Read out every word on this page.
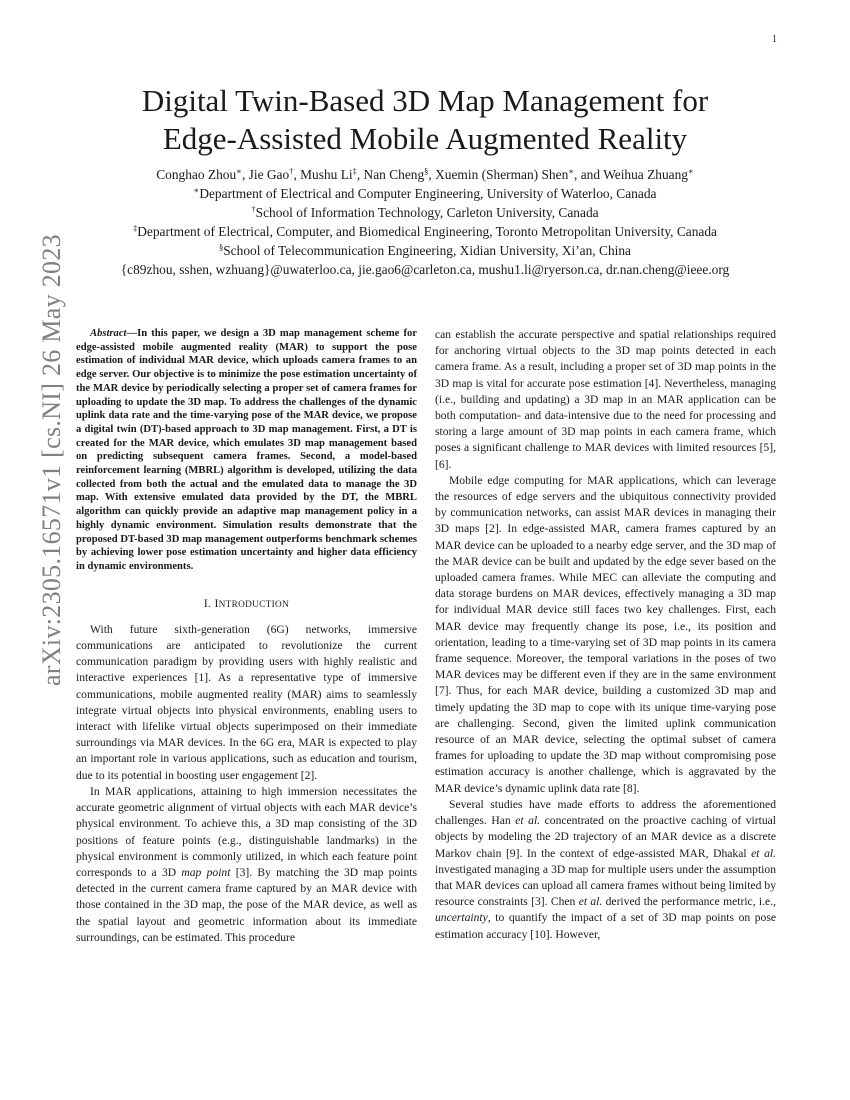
1
arXiv:2305.16571v1 [cs.NI] 26 May 2023
Digital Twin-Based 3D Map Management for
Edge-Assisted Mobile Augmented Reality
Conghao Zhou∗, Jie Gao†, Mushu Li‡, Nan Cheng§, Xuemin (Sherman) Shen∗, and Weihua Zhuang∗
∗Department of Electrical and Computer Engineering, University of Waterloo, Canada
†School of Information Technology, Carleton University, Canada
‡Department of Electrical, Computer, and Biomedical Engineering, Toronto Metropolitan University, Canada
§School of Telecommunication Engineering, Xidian University, Xi’an, China
{c89zhou, sshen, wzhuang}@uwaterloo.ca, jie.gao6@carleton.ca, mushu1.li@ryerson.ca, dr.nan.cheng@ieee.org

Abstract—In this paper, we design a 3D map management scheme for edge-assisted mobile augmented reality (MAR) to support the pose estimation of individual MAR device, which uploads camera frames to an edge server. Our objective is to minimize the pose estimation uncertainty of the MAR device by periodically selecting a proper set of camera frames for uploading to update the 3D map. To address the challenges of the dynamic uplink data rate and the time-varying pose of the MAR device, we propose a digital twin (DT)-based approach to 3D map management. First, a DT is created for the MAR device, which emulates 3D map management based on predicting subsequent camera frames. Second, a model-based reinforcement learning (MBRL) algorithm is developed, utilizing the data collected from both the actual and the emulated data to manage the 3D map. With extensive emulated data provided by the DT, the MBRL algorithm can quickly provide an adaptive map management policy in a highly dynamic environment. Simulation results demonstrate that the proposed DT-based 3D map management outperforms benchmark schemes by achieving lower pose estimation uncertainty and higher data efficiency in dynamic environments.

I. INTRODUCTION

With future sixth-generation (6G) networks, immersive communications are anticipated to revolutionize the current communication paradigm by providing users with highly realistic and interactive experiences [1]. As a representative type of immersive communications, mobile augmented reality (MAR) aims to seamlessly integrate virtual objects into physical environments, enabling users to interact with lifelike virtual objects superimposed on their immediate surroundings via MAR devices. In the 6G era, MAR is expected to play an important role in various applications, such as education and tourism, due to its potential in boosting user engagement [2].

In MAR applications, attaining to high immersion necessitates the accurate geometric alignment of virtual objects with each MAR device’s physical environment. To achieve this, a 3D map consisting of the 3D positions of feature points (e.g., distinguishable landmarks) in the physical environment is commonly utilized, in which each feature point corresponds to a 3D map point [3]. By matching the 3D map points detected in the current camera frame captured by an MAR device with those contained in the 3D map, the pose of the MAR device, as well as the spatial layout and geometric information about its immediate surroundings, can be estimated. This procedure

can establish the accurate perspective and spatial relationships required for anchoring virtual objects to the 3D map points detected in each camera frame. As a result, including a proper set of 3D map points in the 3D map is vital for accurate pose estimation [4]. Nevertheless, managing (i.e., building and updating) a 3D map in an MAR application can be both computation- and data-intensive due to the need for processing and storing a large amount of 3D map points in each camera frame, which poses a significant challenge to MAR devices with limited resources [5], [6].

Mobile edge computing for MAR applications, which can leverage the resources of edge servers and the ubiquitous connectivity provided by communication networks, can assist MAR devices in managing their 3D maps [2]. In edge-assisted MAR, camera frames captured by an MAR device can be uploaded to a nearby edge server, and the 3D map of the MAR device can be built and updated by the edge sever based on the uploaded camera frames. While MEC can alleviate the computing and data storage burdens on MAR devices, effectively managing a 3D map for individual MAR device still faces two key challenges. First, each MAR device may frequently change its pose, i.e., its position and orientation, leading to a time-varying set of 3D map points in its camera frame sequence. Moreover, the temporal variations in the poses of two MAR devices may be different even if they are in the same environment [7]. Thus, for each MAR device, building a customized 3D map and timely updating the 3D map to cope with its unique time-varying pose are challenging. Second, given the limited uplink communication resource of an MAR device, selecting the optimal subset of camera frames for uploading to update the 3D map without compromising pose estimation accuracy is another challenge, which is aggravated by the MAR device’s dynamic uplink data rate [8].

Several studies have made efforts to address the aforementioned challenges. Han et al. concentrated on the proactive caching of virtual objects by modeling the 2D trajectory of an MAR device as a discrete Markov chain [9]. In the context of edge-assisted MAR, Dhakal et al. investigated managing a 3D map for multiple users under the assumption that MAR devices can upload all camera frames without being limited by resource constraints [3]. Chen et al. derived the performance metric, i.e., uncertainty, to quantify the impact of a set of 3D map points on pose estimation accuracy [10]. However,
